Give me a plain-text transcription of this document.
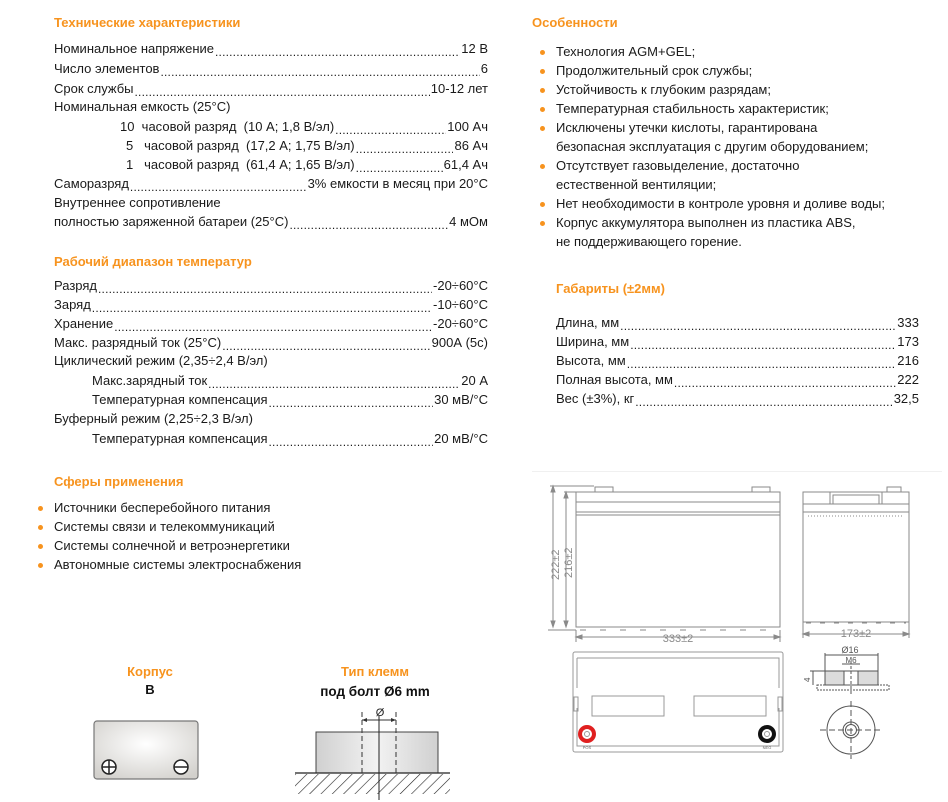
Технические характеристики
Номинальное напряжение .....	12 В
Число элементов .....	6
Срок службы .....	10-12 лет
Номинальная емкость (25°С)
10  часовой разряд  (10 А; 1,8 В/эл) .....	100 Ач
5   часовой разряд  (17,2 А; 1,75 В/эл) .....	86 Ач
1   часовой разряд  (61,4 А; 1,65 В/эл) .....	61,4 Ач
Саморазряд .....	3% емкости в месяц при 20°С
Внутреннее сопротивление
полностью заряженной батареи (25°С) .....	4 мОм
Рабочий диапазон температур
Разряд .....	-20÷60°С
Заряд .....	-10÷60°С
Хранение .....	-20÷60°С
Макс. разрядный ток (25°С) .....	900А (5с)
Циклический режим (2,35÷2,4 В/эл)
Макс.зарядный ток .....	20 А
Температурная компенсация .....	30 мВ/°С
Буферный режим (2,25÷2,3 В/эл)
Температурная компенсация .....	20 мВ/°С
Сферы применения
Источники бесперебойного питания
Системы связи и телекоммуникаций
Системы солнечной и ветроэнергетики
Автономные системы электроснабжения
Корпус
B
Тип клемм
под болт Ø6 mm
Ø
Особенности
Технология AGM+GEL;
Продолжительный срок службы;
Устойчивость к глубоким разрядам;
Температурная стабильность характеристик;
Исключены утечки кислоты, гарантирована
безопасная эксплуатация с другим оборудованием;
Отсутствует газовыделение, достаточно
естественной вентиляции;
Нет необходимости в контроле уровня и доливе воды;
Корпус аккумулятора выполнен из пластика ABS,
не поддерживающего горение.
Габариты (±2мм)
Длина, мм .....	333
Ширина, мм .....	173
Высота, мм .....	216
Полная высота, мм .....	222
Вес (±3%), кг .....	32,5
222±2 216±2
333±2	173±2
POS	NEG
Ø16
M6
4
